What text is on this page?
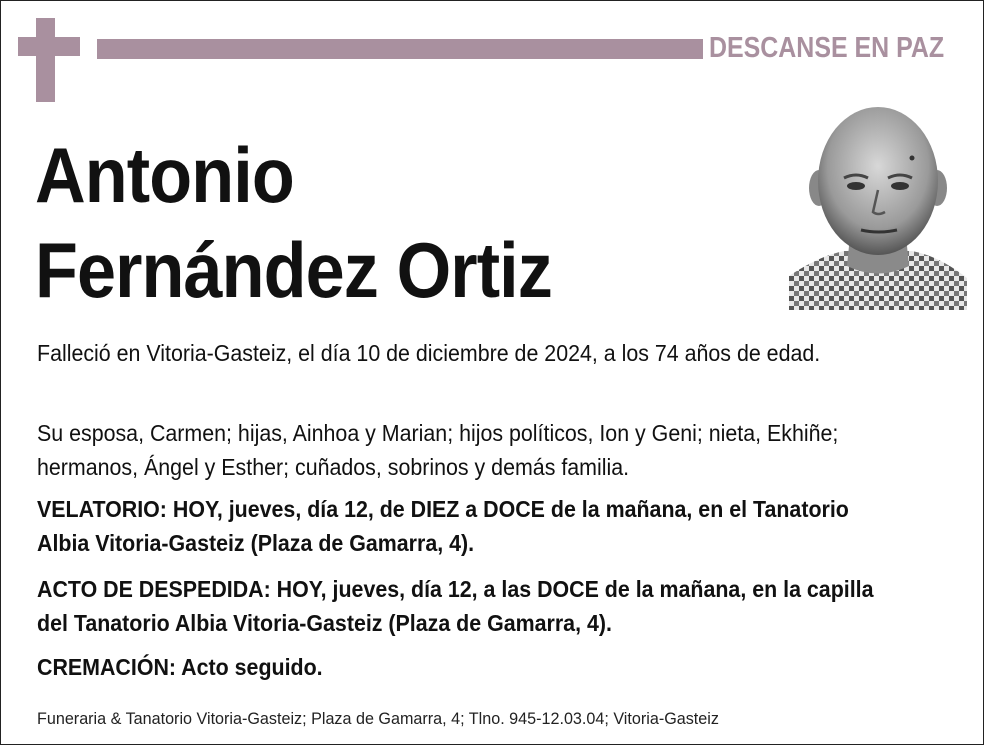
DESCANSE EN PAZ
Antonio
Fernández Ortiz
Falleció en Vitoria-Gasteiz, el día 10 de diciembre de 2024, a los 74 años de edad.
Su esposa, Carmen; hijas, Ainhoa y Marian; hijos políticos, Ion y Geni; nieta, Ekhiñe; hermanos, Ángel y Esther; cuñados, sobrinos y demás familia.
VELATORIO: HOY, jueves, día 12, de DIEZ a DOCE de la mañana, en el Tanatorio Albia Vitoria-Gasteiz (Plaza de Gamarra, 4).
ACTO DE DESPEDIDA: HOY, jueves, día 12, a las DOCE de la mañana, en la capilla del Tanatorio Albia Vitoria-Gasteiz (Plaza de Gamarra, 4).
CREMACIÓN: Acto seguido.
Funeraria & Tanatorio Vitoria-Gasteiz; Plaza de Gamarra, 4; Tlno. 945-12.03.04; Vitoria-Gasteiz
